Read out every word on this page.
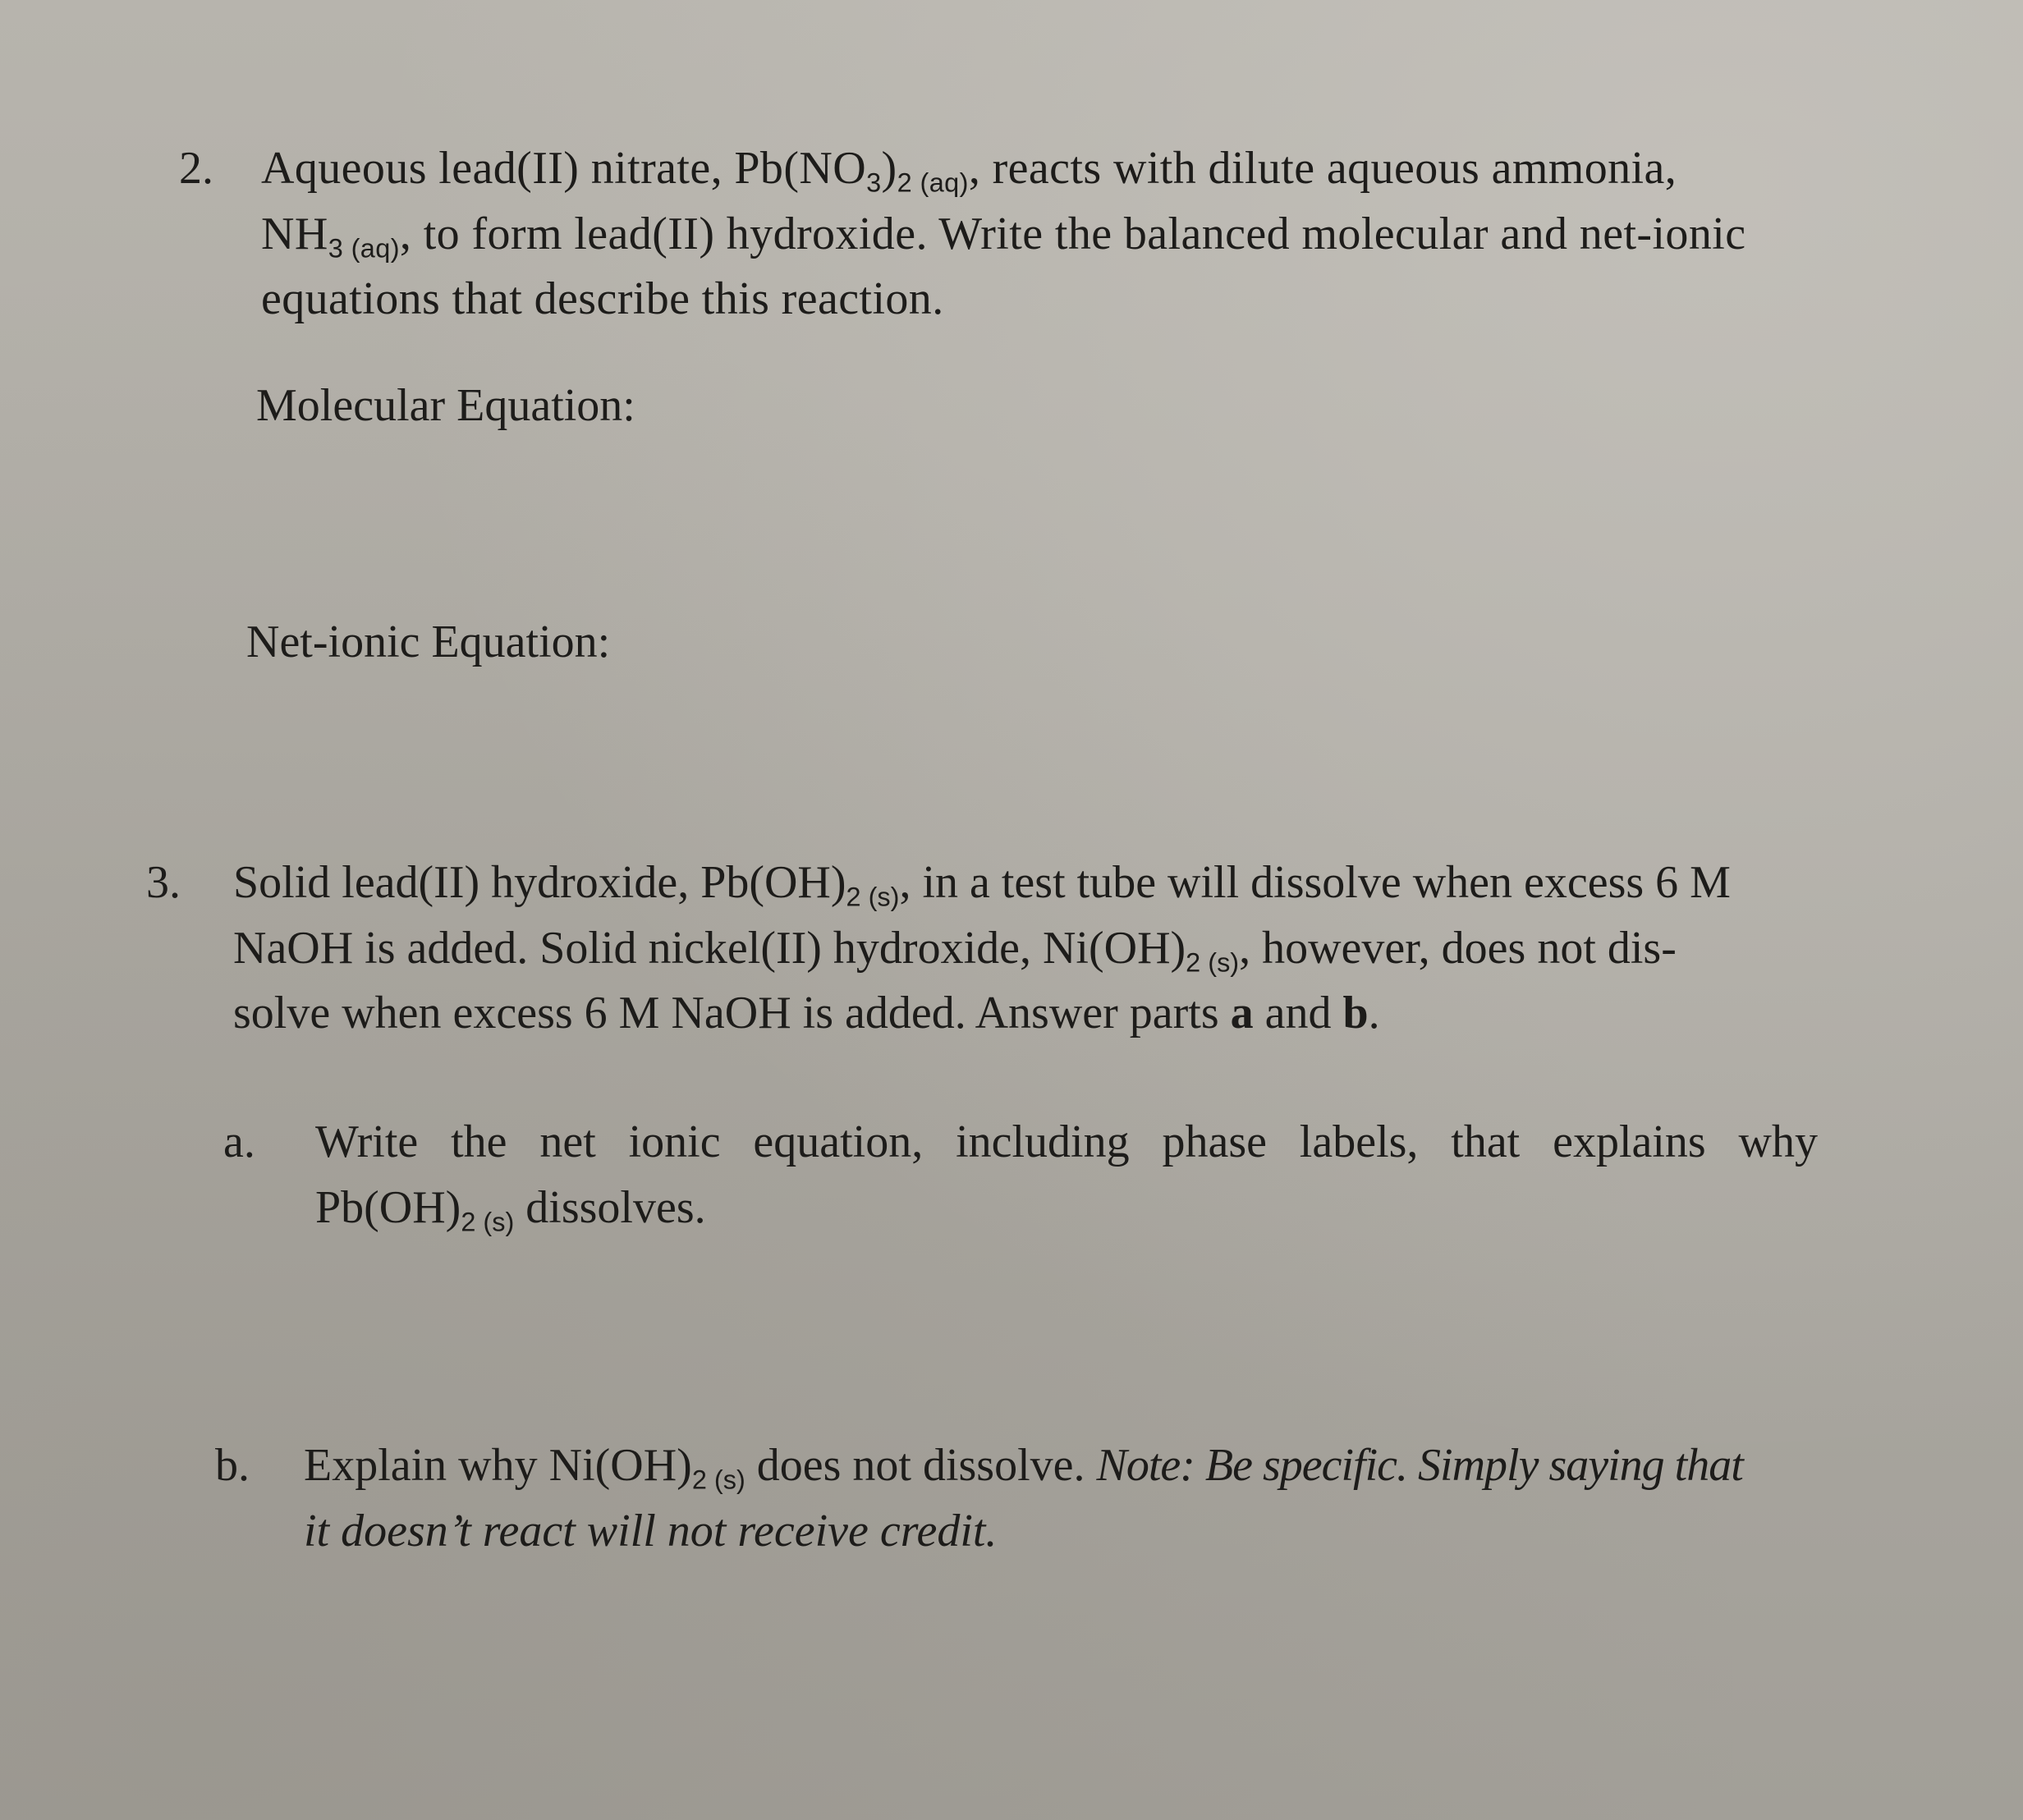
2. Aqueous lead(II) nitrate, $Pb(NO_3)_{2 (aq)}$, reacts with dilute aqueous ammonia,
$NH_{3 (aq)}$, to form lead(II) hydroxide. Write the balanced molecular and net-ionic
equations that describe this reaction.
Molecular Equation:
Net-ionic Equation:
3. Solid lead(II) hydroxide, $Pb(OH)_{2 (s)}$, in a test tube will dissolve when excess 6 M
NaOH is added. Solid nickel(II) hydroxide, $Ni(OH)_{2 (s)}$, however, does not dis-
solve when excess 6 M NaOH is added. Answer parts a and b.
a. Write the net ionic equation, including phase labels, that explains why
$Pb(OH)_{2 (s)}$ dissolves.
b. Explain why $Ni(OH)_{2 (s)}$ does not dissolve. Note: Be specific. Simply saying that
it doesn’t react will not receive credit.
